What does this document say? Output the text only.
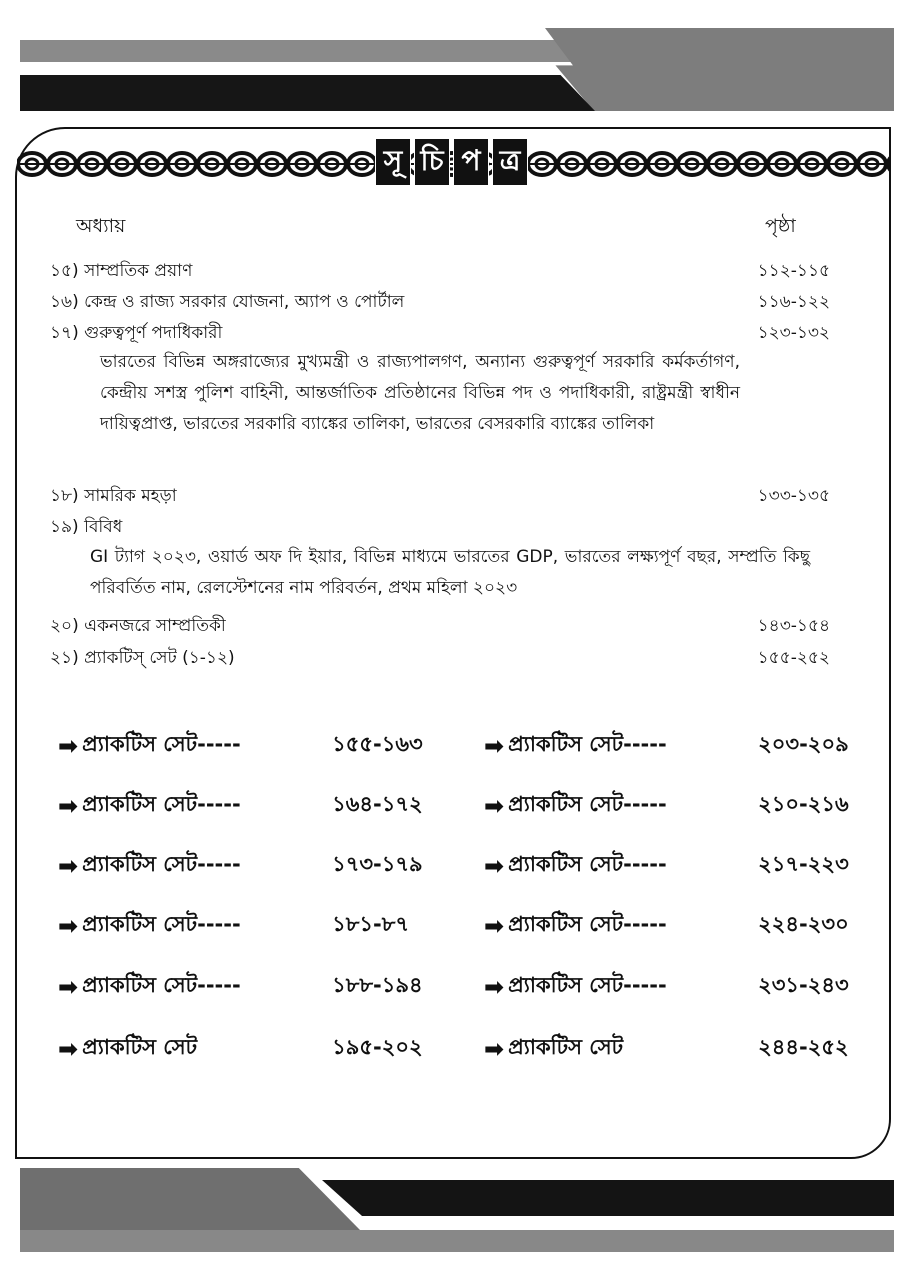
সূ চি প ত্র
অধ্যায়	পৃষ্ঠা
১৫) সাম্প্রতিক প্রয়াণ	১১২-১১৫
১৬) কেন্দ্র ও রাজ্য সরকার যোজনা, অ্যাপ ও পোর্টাল	১১৬-১২২
১৭) গুরুত্বপূর্ণ পদাধিকারী	১২৩-১৩২
ভারতের বিভিন্ন অঙ্গরাজ্যের মুখ্যমন্ত্রী ও রাজ্যপালগণ, অন্যান্য গুরুত্বপূর্ণ সরকারি কর্মকর্তাগণ, কেন্দ্রীয় সশস্ত্র পুলিশ বাহিনী, আন্তর্জাতিক প্রতিষ্ঠানের বিভিন্ন পদ ও পদাধিকারী, রাষ্ট্রমন্ত্রী স্বাধীন দায়িত্বপ্রাপ্ত, ভারতের সরকারি ব্যাঙ্কের তালিকা, ভারতের বেসরকারি ব্যাঙ্কের তালিকা
১৮) সামরিক মহড়া	১৩৩-১৩৫
১৯) বিবিধ
GI ট্যাগ ২০২৩, ওয়ার্ড অফ দি ইয়ার, বিভিন্ন মাধ্যমে ভারতের GDP, ভারতের লক্ষ্যপূর্ণ বছর, সম্প্রতি কিছু পরিবর্তিত নাম, রেলস্টেশনের নাম পরিবর্তন, প্রথম মহিলা ২০২৩
২০) একনজরে সাম্প্রতিকী	১৪৩-১৫৪
২১) প্র্যাকটিস্ সেট (১-১২)	১৫৫-২৫২
➡ প্র্যাকটিস সেট-----	১৫৫-১৬৩	➡ প্র্যাকটিস সেট-----	২০৩-২০৯
➡ প্র্যাকটিস সেট-----	১৬৪-১৭২	➡ প্র্যাকটিস সেট-----	২১০-২১৬
➡ প্র্যাকটিস সেট-----	১৭৩-১৭৯	➡ প্র্যাকটিস সেট-----	২১৭-২২৩
➡ প্র্যাকটিস সেট-----	১৮১-৮৭	➡ প্র্যাকটিস সেট-----	২২৪-২৩০
➡ প্র্যাকটিস সেট-----	১৮৮-১৯৪	➡ প্র্যাকটিস সেট-----	২৩১-২৪৩
➡ প্র্যাকটিস সেট	১৯৫-২০২	➡ প্র্যাকটিস সেট	২৪৪-২৫২
